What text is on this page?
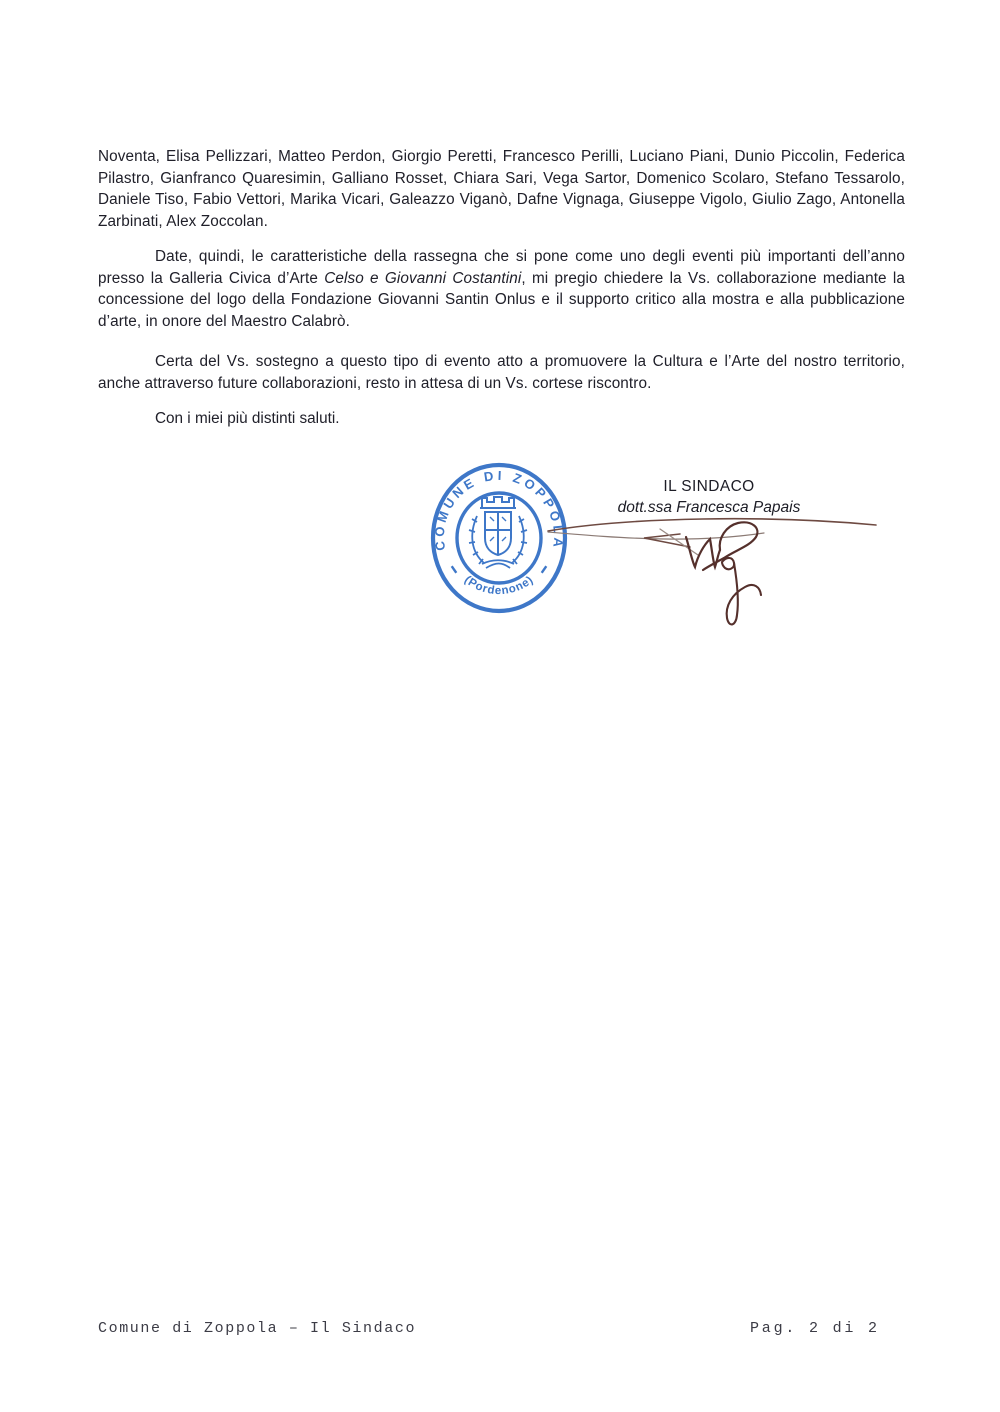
Noventa, Elisa Pellizzari, Matteo Perdon, Giorgio Peretti, Francesco Perilli, Luciano Piani, Dunio Piccolin, Federica Pilastro, Gianfranco Quaresimin, Galliano Rosset, Chiara Sari, Vega Sartor, Domenico Scolaro, Stefano Tessarolo, Daniele Tiso, Fabio Vettori, Marika Vicari, Galeazzo Viganò, Dafne Vignaga, Giuseppe Vigolo, Giulio Zago, Antonella Zarbinati, Alex Zoccolan.

Date, quindi, le caratteristiche della rassegna che si pone come uno degli eventi più importanti dell’anno presso la Galleria Civica d’Arte Celso e Giovanni Costantini, mi pregio chiedere la Vs. collaborazione mediante la concessione del logo della Fondazione Giovanni Santin Onlus e il supporto critico alla mostra e alla pubblicazione d’arte, in onore del Maestro Calabrò.

Certa del Vs. sostegno a questo tipo di evento atto a promuovere la Cultura e l’Arte del nostro territorio, anche attraverso future collaborazioni, resto in attesa di un Vs. cortese riscontro.

Con i miei più distinti saluti.

COMUNE DI ZOPPOLA
(Pordenone)
IL SINDACO
dott.ssa Francesca Papais
Comune di Zoppola – Il Sindaco	Pag. 2 di 2
